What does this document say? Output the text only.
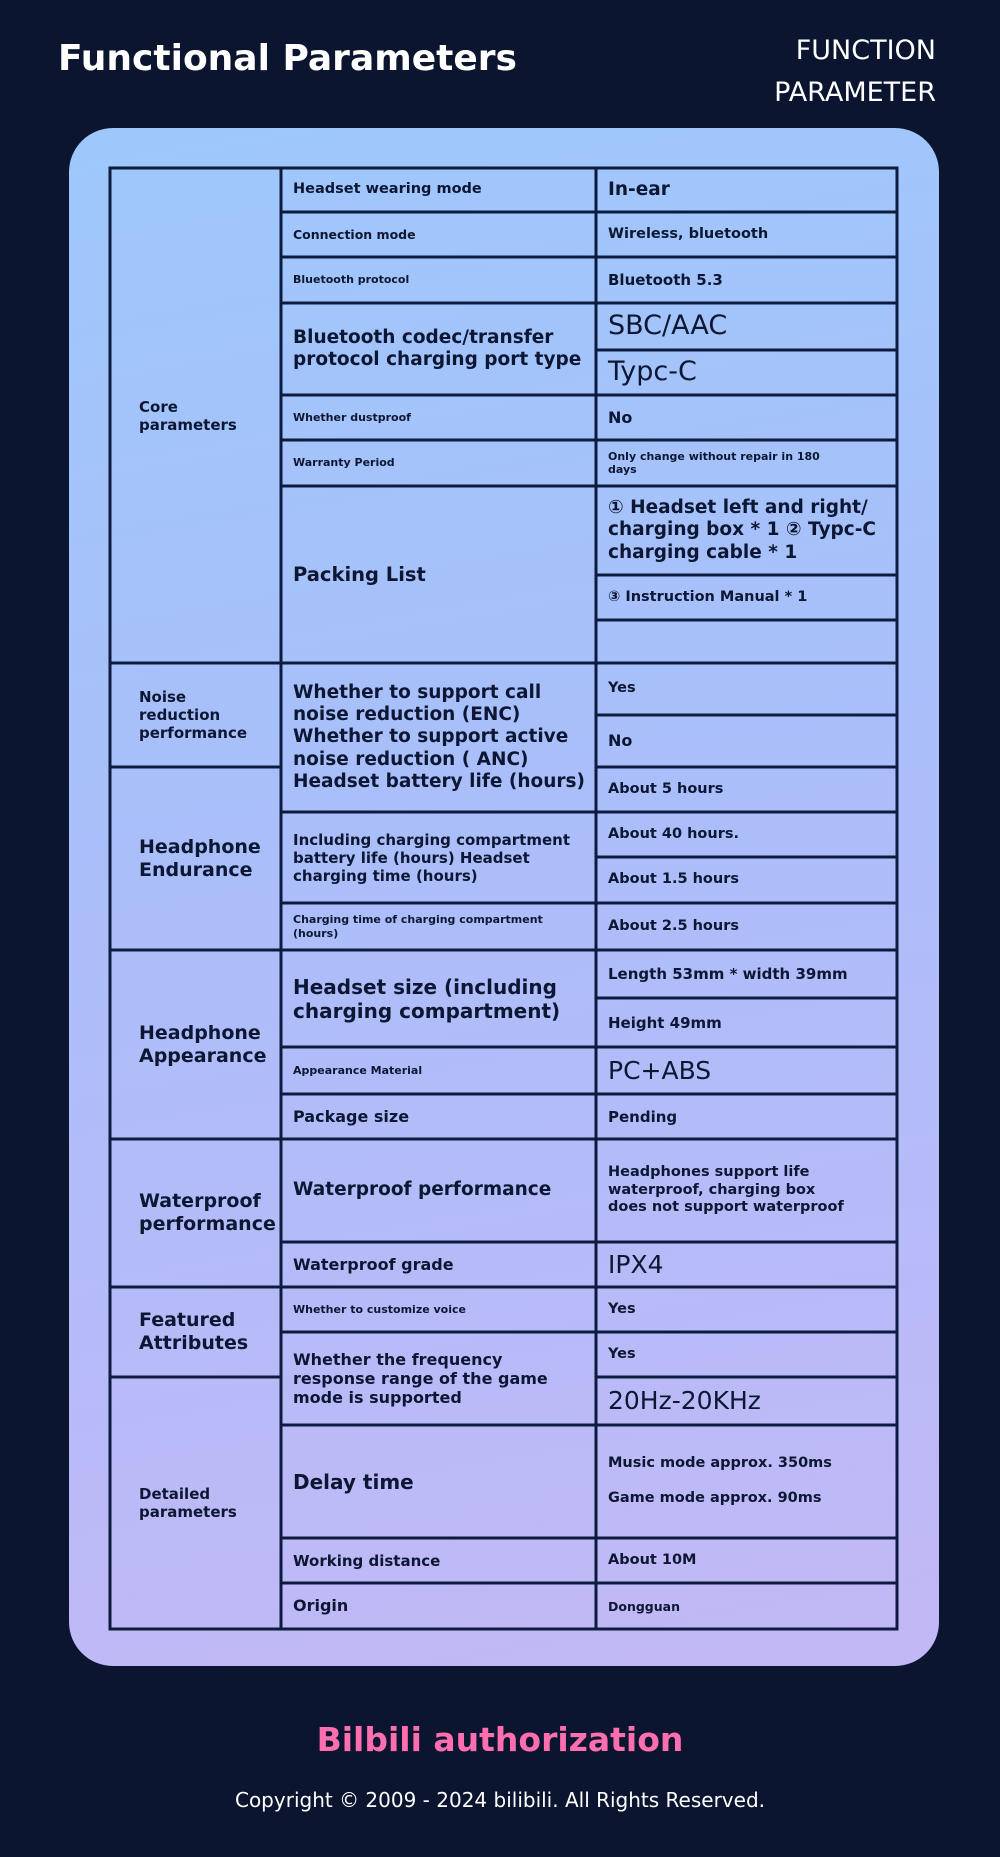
Functional Parameters	FUNCTION
PARAMETER
Core parameters
Noise reduction performance
Headphone Endurance
Headphone Appearance
Waterproof performance
Featured Attributes
Detailed parameters
Headset wearing mode
Connection mode
Bluetooth protocol
Bluetooth codec/transfer protocol charging port type
Whether dustproof
Warranty Period
Packing List
Whether to support call noise reduction (ENC) Whether to support active noise reduction ( ANC) Headset battery life (hours)
Including charging compartment battery life (hours) Headset charging time (hours)
Charging time of charging compartment (hours)
Headset size (including charging compartment)
Appearance Material
Package size
Waterproof performance
Waterproof grade
Whether to customize voice
Whether the frequency response range of the game mode is supported
Delay time
Working distance
Origin
In-ear
Wireless, bluetooth
Bluetooth 5.3
SBC/AAC
Typc-C
No
Only change without repair in 180 days
① Headset left and right/ charging box * 1 ② Typc-C charging cable * 1
③ Instruction Manual * 1
Yes
No
About 5 hours
About 40 hours.
About 1.5 hours
About 2.5 hours
Length 53mm * width 39mm
Height 49mm
PC+ABS
Pending
Headphones support life waterproof, charging box does not support waterproof
IPX4
Yes
Yes
20Hz-20KHz
Music mode approx. 350ms

Game mode approx. 90ms
About 10M
Dongguan
Bilbili authorization
Copyright © 2009 - 2024 bilibili. All Rights Reserved.
